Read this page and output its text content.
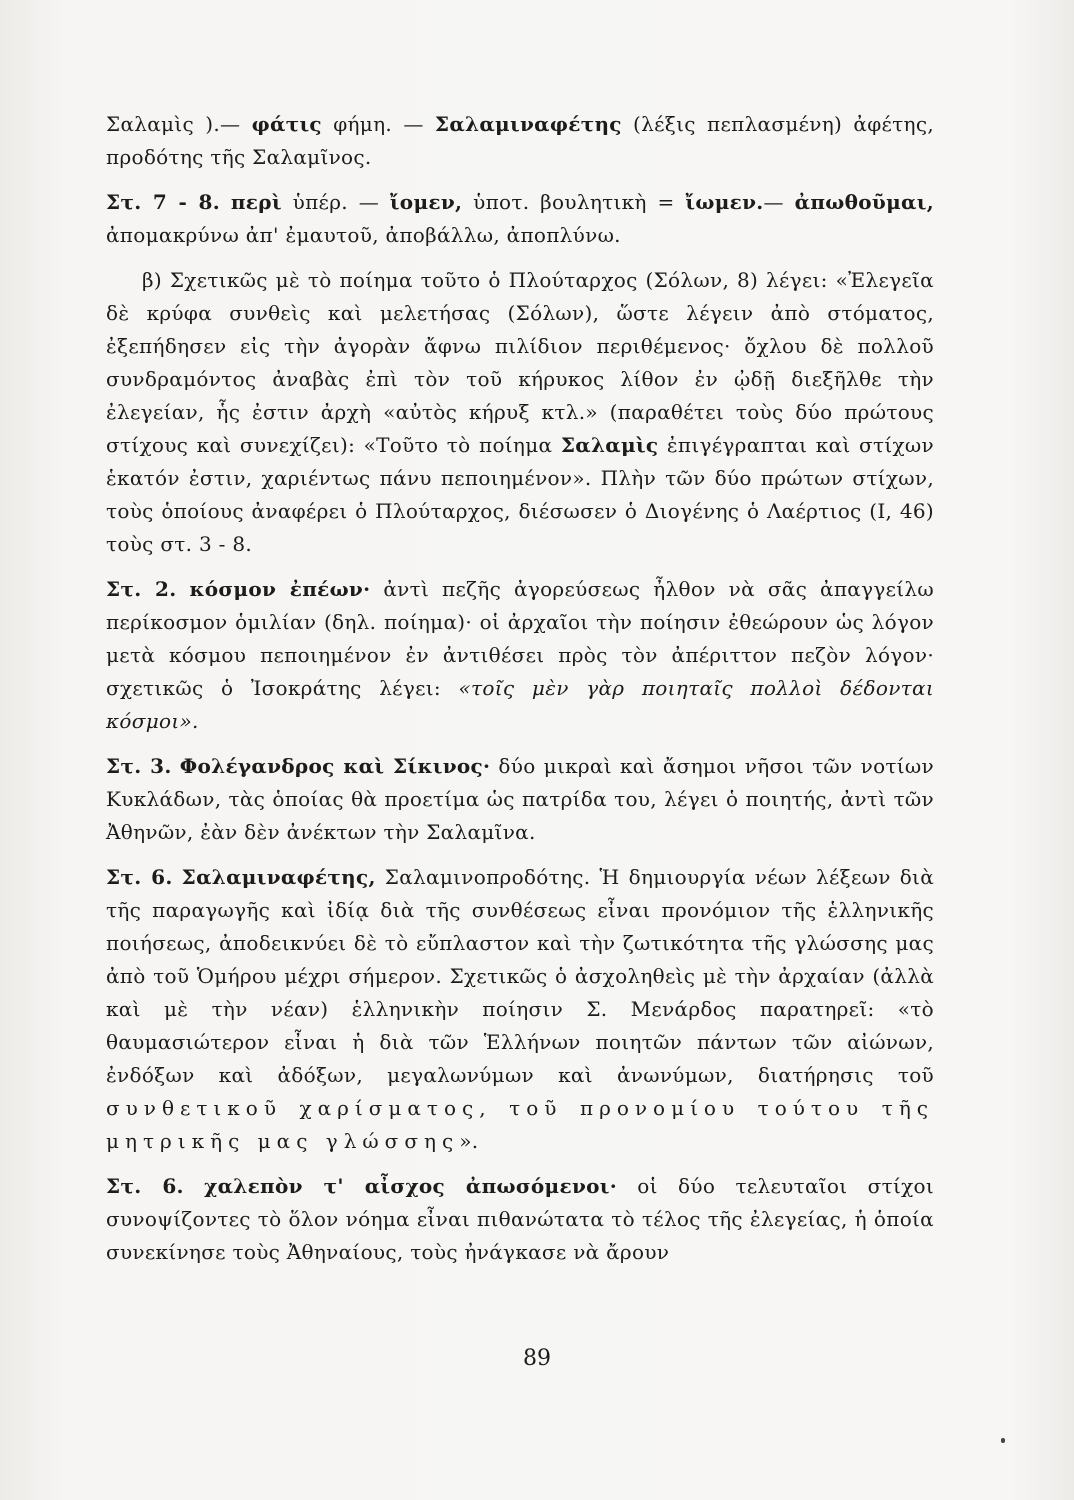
Σαλαμὶς ).— φάτις φήμη. — Σαλαμιναφέτης (λέξις πεπλασμένη) ἀφέτης, προδότης τῆς Σαλαμῖνος.

Στ. 7 - 8. περὶ ὑπέρ. — ἴομεν, ὑποτ. βουλητικὴ = ἴωμεν.— ἀπωθοῦμαι, ἀπομακρύνω ἀπ' ἐμαυτοῦ, ἀποβάλλω, ἀποπλύνω.

β) Σχετικῶς μὲ τὸ ποίημα τοῦτο ὁ Πλούταρχος (Σόλων, 8) λέγει: «Ἐλεγεῖα δὲ κρύφα συνθεὶς καὶ μελετήσας (Σόλων), ὥστε λέγειν ἀπὸ στόματος, ἐξεπήδησεν εἰς τὴν ἀγορὰν ἄφνω πιλίδιον περιθέμενος· ὄχλου δὲ πολλοῦ συνδραμόντος ἀναβὰς ἐπὶ τὸν τοῦ κήρυκος λίθον ἐν ᾠδῇ διεξῆλθε τὴν ἐλεγείαν, ἧς ἐστιν ἀρχὴ «αὐτὸς κήρυξ κτλ.» (παραθέτει τοὺς δύο πρώτους στίχους καὶ συνεχίζει): «Τοῦτο τὸ ποίημα Σαλαμὶς ἐπιγέγραπται καὶ στίχων ἑκατόν ἐστιν, χαριέντως πάνυ πεποιημένον». Πλὴν τῶν δύο πρώτων στίχων, τοὺς ὁποίους ἀναφέρει ὁ Πλούταρχος, διέσωσεν ὁ Διογένης ὁ Λαέρτιος (I, 46) τοὺς στ. 3 - 8.

Στ. 2. κόσμον ἐπέων· ἀντὶ πεζῆς ἀγορεύσεως ἦλθον νὰ σᾶς ἀπαγγείλω περίκοσμον ὁμιλίαν (δηλ. ποίημα)· οἱ ἀρχαῖοι τὴν ποίησιν ἐθεώρουν ὡς λόγον μετὰ κόσμου πεποιημένον ἐν ἀντιθέσει πρὸς τὸν ἀπέριττον πεζὸν λόγον· σχετικῶς ὁ Ἰσοκράτης λέγει: «τοῖς μὲν γὰρ ποιηταῖς πολλοὶ δέδονται κόσμοι».

Στ. 3. Φολέγανδρος καὶ Σίκινος· δύο μικραὶ καὶ ἄσημοι νῆσοι τῶν νοτίων Κυκλάδων, τὰς ὁποίας θὰ προετίμα ὡς πατρίδα του, λέγει ὁ ποιητής, ἀντὶ τῶν Ἀθηνῶν, ἐὰν δὲν ἀνέκτων τὴν Σαλαμῖνα.

Στ. 6. Σαλαμιναφέτης, Σαλαμινοπροδότης. Ἡ δημιουργία νέων λέξεων διὰ τῆς παραγωγῆς καὶ ἰδίᾳ διὰ τῆς συνθέσεως εἶναι προνόμιον τῆς ἑλληνικῆς ποιήσεως, ἀποδεικνύει δὲ τὸ εὔπλαστον καὶ τὴν ζωτικότητα τῆς γλώσσης μας ἀπὸ τοῦ Ὁμήρου μέχρι σήμερον. Σχετικῶς ὁ ἀσχοληθεὶς μὲ τὴν ἀρχαίαν (ἀλλὰ καὶ μὲ τὴν νέαν) ἑλληνικὴν ποίησιν Σ. Μενάρδος παρατηρεῖ: «τὸ θαυμασιώτερον εἶναι ἡ διὰ τῶν Ἑλλήνων ποιητῶν πάντων τῶν αἰώνων, ἐνδόξων καὶ ἀδόξων, μεγαλωνύμων καὶ ἀνωνύμων, διατήρησις τοῦ συνθετικοῦ χαρίσματος, τοῦ προνομίου τούτου τῆς μητρικῆς μας γλώσσης».

Στ. 6. χαλεπὸν τ' αἶσχος ἀπωσόμενοι· οἱ δύο τελευταῖοι στίχοι συνοψίζοντες τὸ ὅλον νόημα εἶναι πιθανώτατα τὸ τέλος τῆς ἐλεγείας, ἡ ὁποία συνεκίνησε τοὺς Ἀθηναίους, τοὺς ἠνάγκασε νὰ ἄρουν

89
